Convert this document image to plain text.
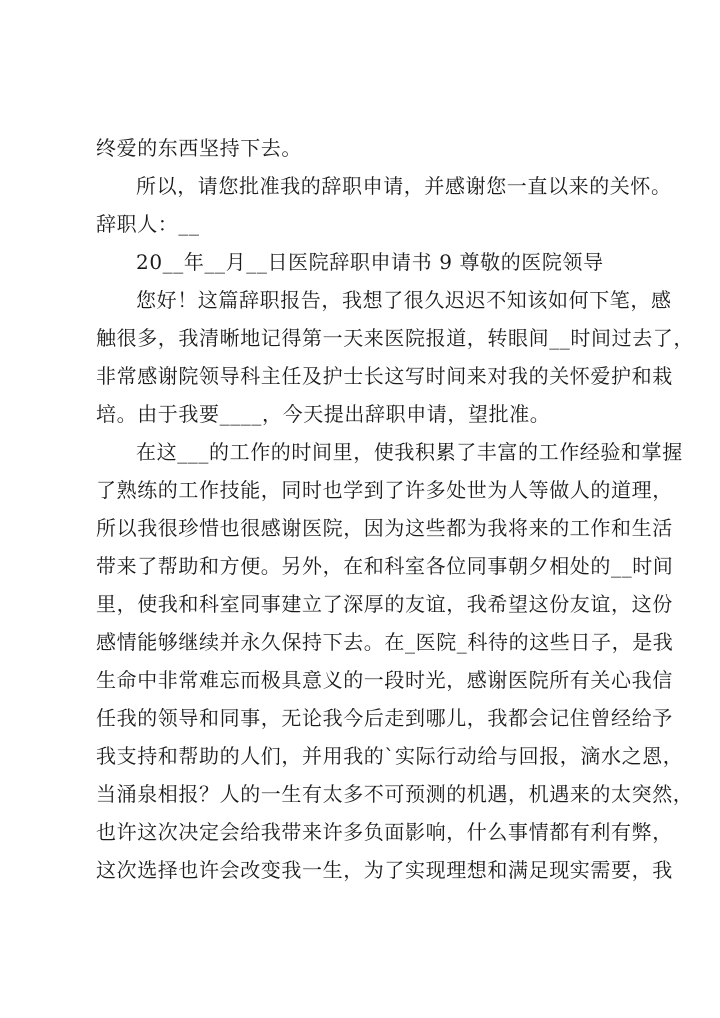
终爱的东西坚持下去。
所以，请您批准我的辞职申请，并感谢您一直以来的关怀。
辞职人：__
20__年__月__日医院辞职申请书 9 尊敬的医院领导
您好！这篇辞职报告，我想了很久迟迟不知该如何下笔，感
触很多，我清晰地记得第一天来医院报道，转眼间__时间过去了，
非常感谢院领导科主任及护士长这写时间来对我的关怀爱护和栽
培。由于我要____，今天提出辞职申请，望批准。
在这___的工作的时间里，使我积累了丰富的工作经验和掌握
了熟练的工作技能，同时也学到了许多处世为人等做人的道理，
所以我很珍惜也很感谢医院，因为这些都为我将来的工作和生活
带来了帮助和方便。另外，在和科室各位同事朝夕相处的__时间
里，使我和科室同事建立了深厚的友谊，我希望这份友谊，这份
感情能够继续并永久保持下去。在_医院_科待的这些日子，是我
生命中非常难忘而极具意义的一段时光，感谢医院所有关心我信
任我的领导和同事，无论我今后走到哪儿，我都会记住曾经给予
我支持和帮助的人们，并用我的`实际行动给与回报，滴水之恩，
当涌泉相报？人的一生有太多不可预测的机遇，机遇来的太突然，
也许这次决定会给我带来许多负面影响，什么事情都有利有弊，
这次选择也许会改变我一生，为了实现理想和满足现实需要，我
